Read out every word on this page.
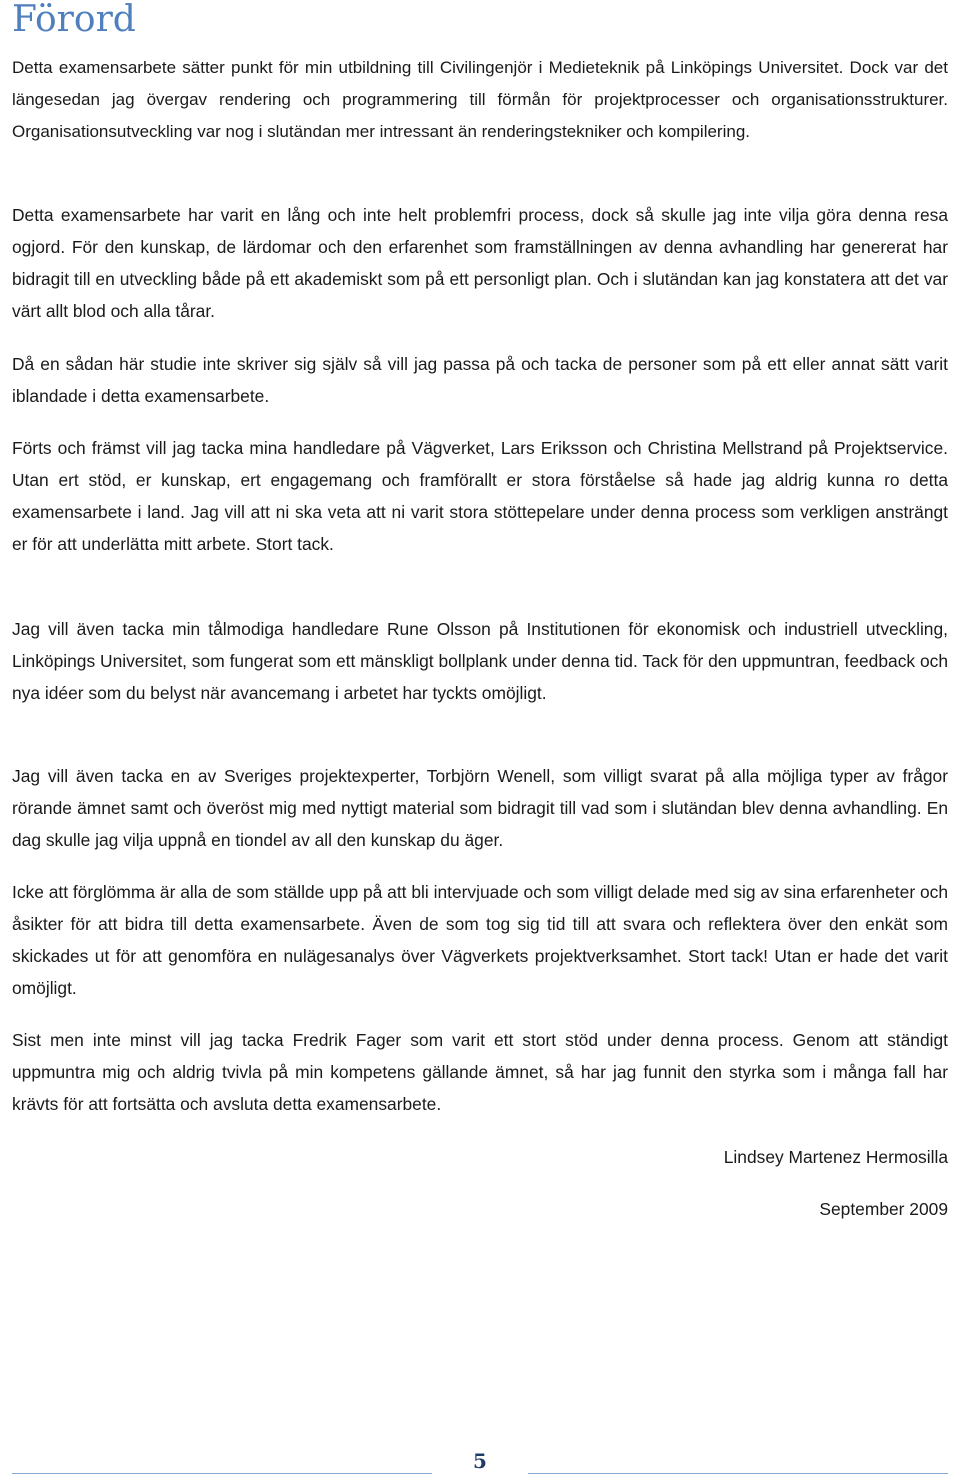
Förord

Detta examensarbete sätter punkt för min utbildning till Civilingenjör i Medieteknik på Linköpings Universitet. Dock var det längesedan jag övergav rendering och programmering till förmån för projektprocesser och organisationsstrukturer. Organisationsutveckling var nog i slutändan mer intressant än renderingstekniker och kompilering.

Detta examensarbete har varit en lång och inte helt problemfri process, dock så skulle jag inte vilja göra denna resa ogjord. För den kunskap, de lärdomar och den erfarenhet som framställningen av denna avhandling har genererat har bidragit till en utveckling både på ett akademiskt som på ett personligt plan. Och i slutändan kan jag konstatera att det var värt allt blod och alla tårar.

Då en sådan här studie inte skriver sig själv så vill jag passa på och tacka de personer som på ett eller annat sätt varit iblandade i detta examensarbete.

Förts och främst vill jag tacka mina handledare på Vägverket, Lars Eriksson och Christina Mellstrand på Projektservice. Utan ert stöd, er kunskap, ert engagemang och framförallt er stora förståelse så hade jag aldrig kunna ro detta examensarbete i land. Jag vill att ni ska veta att ni varit stora stöttepelare under denna process som verkligen ansträngt er för att underlätta mitt arbete. Stort tack.

Jag vill även tacka min tålmodiga handledare Rune Olsson på Institutionen för ekonomisk och industriell utveckling, Linköpings Universitet, som fungerat som ett mänskligt bollplank under denna tid. Tack för den uppmuntran, feedback och nya idéer som du belyst när avancemang i arbetet har tyckts omöjligt.

Jag vill även tacka en av Sveriges projektexperter, Torbjörn Wenell, som villigt svarat på alla möjliga typer av frågor rörande ämnet samt och överöst mig med nyttigt material som bidragit till vad som i slutändan blev denna avhandling. En dag skulle jag vilja uppnå en tiondel av all den kunskap du äger.

Icke att förglömma är alla de som ställde upp på att bli intervjuade och som villigt delade med sig av sina erfarenheter och åsikter för att bidra till detta examensarbete. Även de som tog sig tid till att svara och reflektera över den enkät som skickades ut för att genomföra en nulägesanalys över Vägverkets projektverksamhet. Stort tack! Utan er hade det varit omöjligt.

Sist men inte minst vill jag tacka Fredrik Fager som varit ett stort stöd under denna process. Genom att ständigt uppmuntra mig och aldrig tvivla på min kompetens gällande ämnet, så har jag funnit den styrka som i många fall har krävts för att fortsätta och avsluta detta examensarbete.

Lindsey Martenez Hermosilla
September 2009
5
